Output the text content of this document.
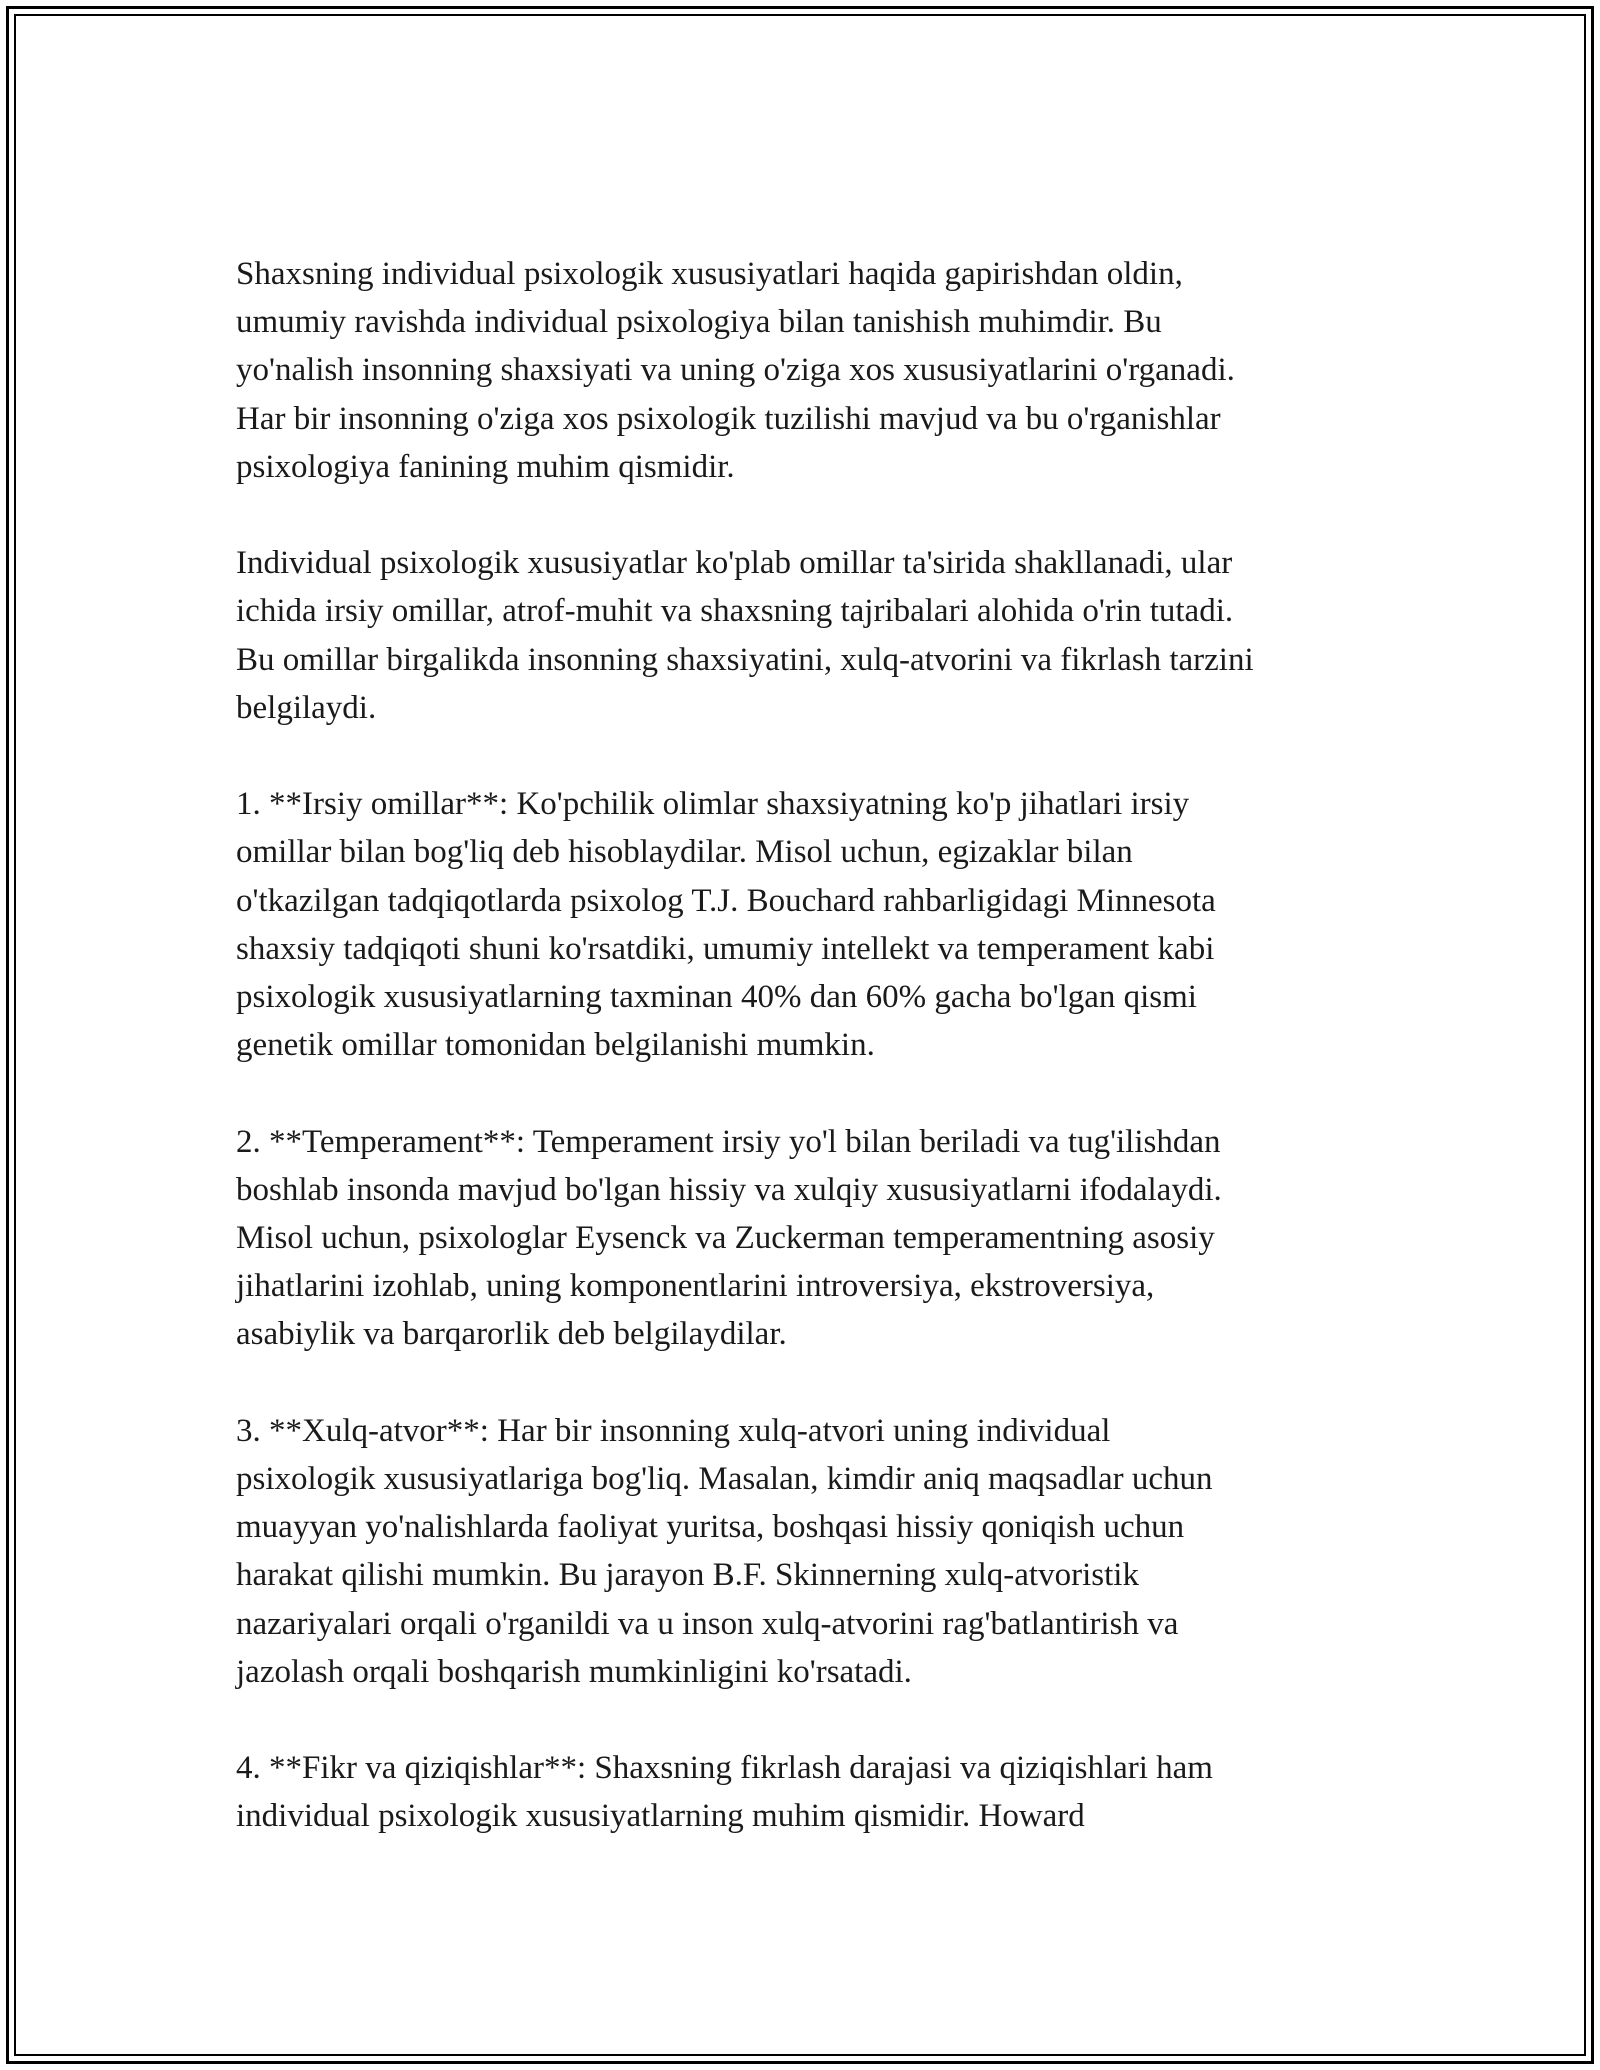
Shaxsning individual psixologik xususiyatlari haqida gapirishdan oldin,
umumiy ravishda individual psixologiya bilan tanishish muhimdir. Bu
yo'nalish insonning shaxsiyati va uning o'ziga xos xususiyatlarini o'rganadi.
Har bir insonning o'ziga xos psixologik tuzilishi mavjud va bu o'rganishlar
psixologiya fanining muhim qismidir.

Individual psixologik xususiyatlar ko'plab omillar ta'sirida shakllanadi, ular
ichida irsiy omillar, atrof-muhit va shaxsning tajribalari alohida o'rin tutadi.
Bu omillar birgalikda insonning shaxsiyatini, xulq-atvorini va fikrlash tarzini
belgilaydi.

1. **Irsiy omillar**: Ko'pchilik olimlar shaxsiyatning ko'p jihatlari irsiy
omillar bilan bog'liq deb hisoblaydilar. Misol uchun, egizaklar bilan
o'tkazilgan tadqiqotlarda psixolog T.J. Bouchard rahbarligidagi Minnesota
shaxsiy tadqiqoti shuni ko'rsatdiki, umumiy intellekt va temperament kabi
psixologik xususiyatlarning taxminan 40% dan 60% gacha bo'lgan qismi
genetik omillar tomonidan belgilanishi mumkin.

2. **Temperament**: Temperament irsiy yo'l bilan beriladi va tug'ilishdan
boshlab insonda mavjud bo'lgan hissiy va xulqiy xususiyatlarni ifodalaydi.
Misol uchun, psixologlar Eysenck va Zuckerman temperamentning asosiy
jihatlarini izohlab, uning komponentlarini introversiya, ekstroversiya,
asabiylik va barqarorlik deb belgilaydilar.

3. **Xulq-atvor**: Har bir insonning xulq-atvori uning individual
psixologik xususiyatlariga bog'liq. Masalan, kimdir aniq maqsadlar uchun
muayyan yo'nalishlarda faoliyat yuritsa, boshqasi hissiy qoniqish uchun
harakat qilishi mumkin. Bu jarayon B.F. Skinnerning xulq-atvoristik
nazariyalari orqali o'rganildi va u inson xulq-atvorini rag'batlantirish va
jazolash orqali boshqarish mumkinligini ko'rsatadi.

4. **Fikr va qiziqishlar**: Shaxsning fikrlash darajasi va qiziqishlari ham
individual psixologik xususiyatlarning muhim qismidir. Howard
